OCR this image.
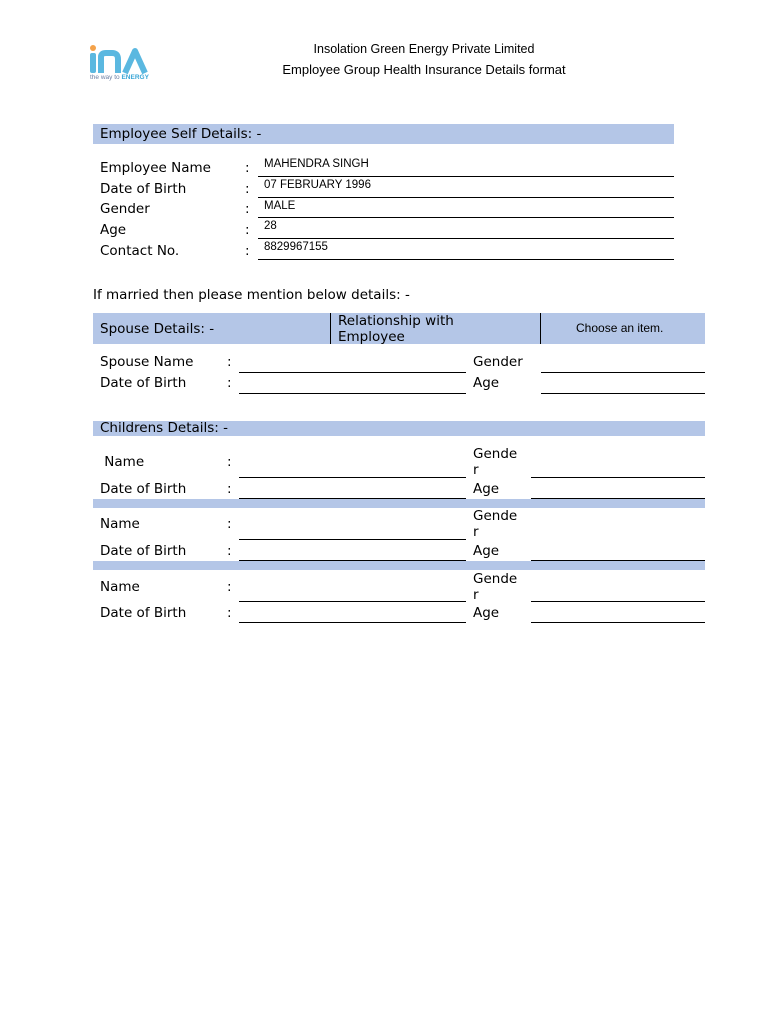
the way to ENERGY
Insolation Green Energy Private Limited
Employee Group Health Insurance Details format
Employee Self Details: -
Employee Name	: MAHENDRA SINGH
Date of Birth	: 07 FEBRUARY 1996
Gender	: MALE
Age	: 28
Contact No.	: 8829967155
If married then please mention below details: -
Spouse Details: -	Relationship with
Employee
Choose an item.
Spouse Name :	Gender
Date of Birth	:	Age
Childrens Details: -
Name	:	Gende
r
Date of Birth	:	Age
Name	:	Gende
r
Date of Birth	:	Age
Name	:	Gende
r
Date of Birth	:	Age
